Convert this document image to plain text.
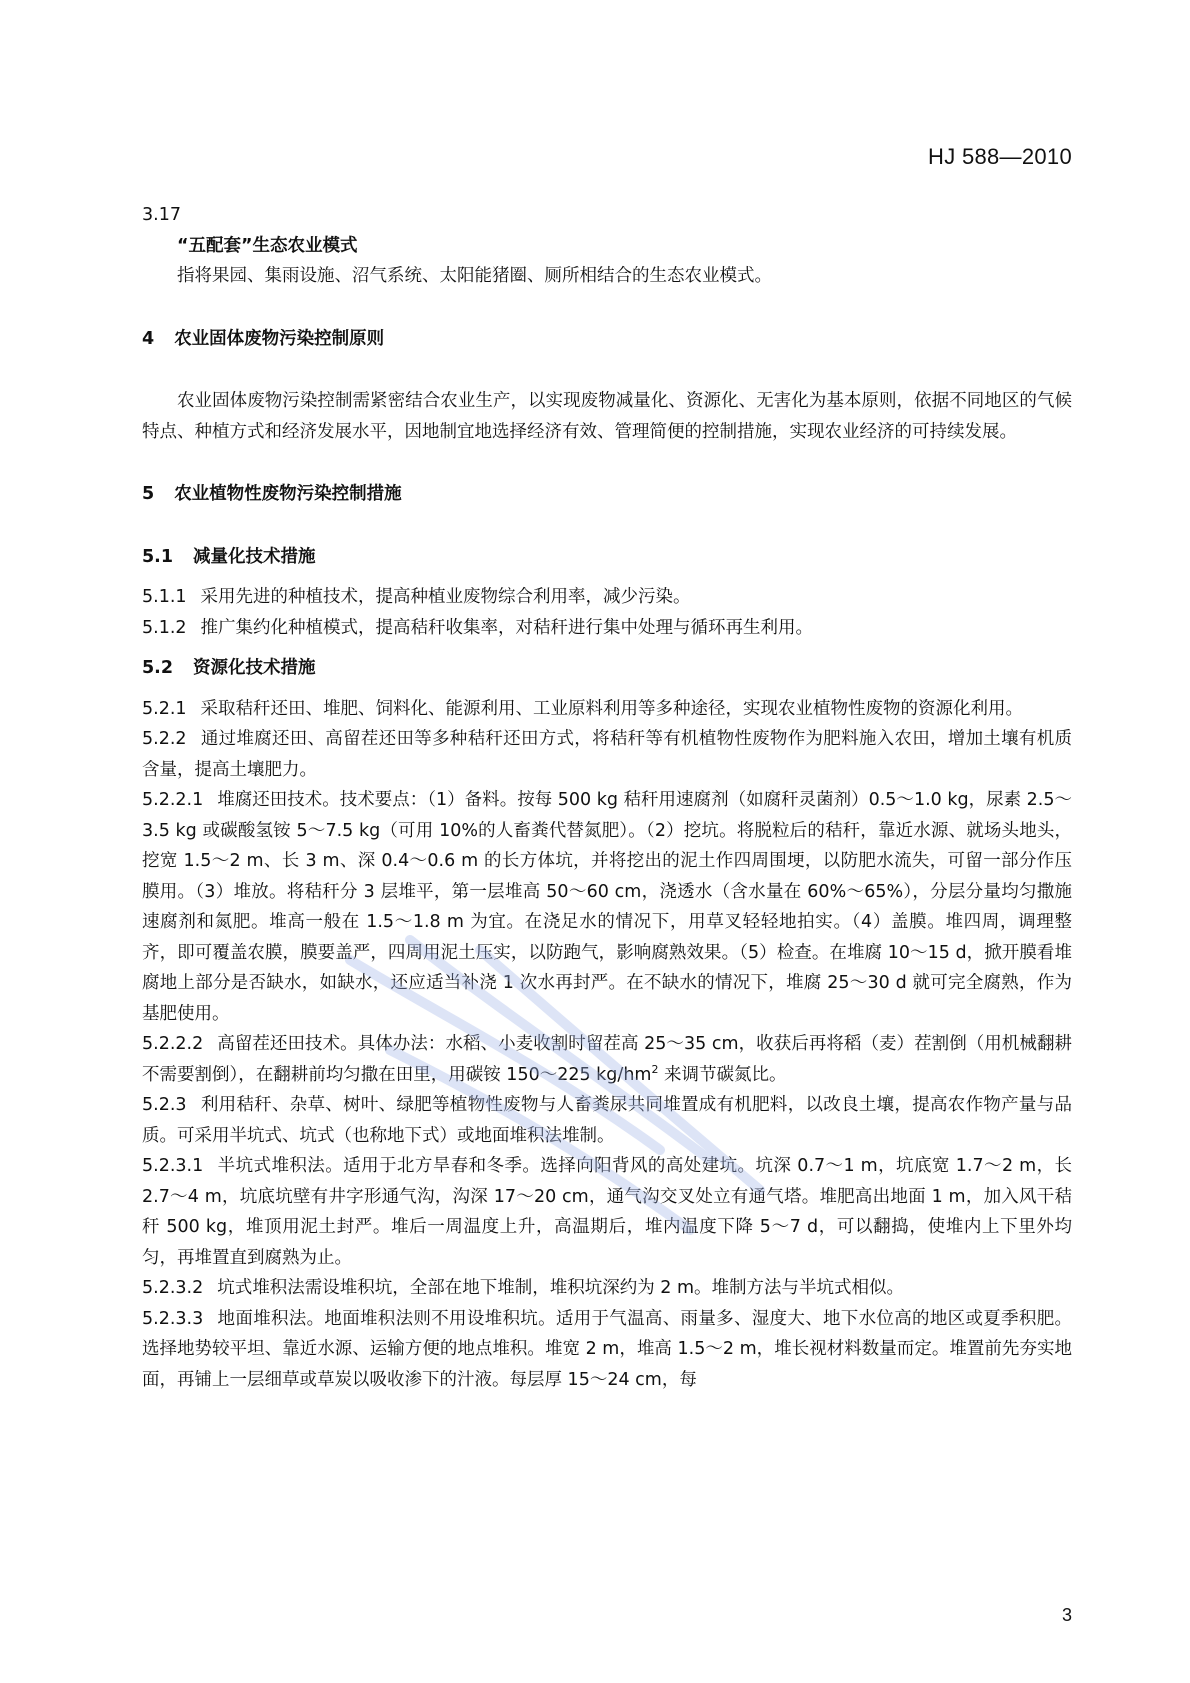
HJ 588—2010

3.17

“五配套”生态农业模式

指将果园、集雨设施、沼气系统、太阳能猪圈、厕所相结合的生态农业模式。

4 农业固体废物污染控制原则

农业固体废物污染控制需紧密结合农业生产，以实现废物减量化、资源化、无害化为基本原则，依据不同地区的气候特点、种植方式和经济发展水平，因地制宜地选择经济有效、管理简便的控制措施，实现农业经济的可持续发展。

5 农业植物性废物污染控制措施

5.1 减量化技术措施

5.1.1 采用先进的种植技术，提高种植业废物综合利用率，减少污染。

5.1.2 推广集约化种植模式，提高秸秆收集率，对秸秆进行集中处理与循环再生利用。

5.2 资源化技术措施

5.2.1 采取秸秆还田、堆肥、饲料化、能源利用、工业原料利用等多种途径，实现农业植物性废物的资源化利用。

5.2.2 通过堆腐还田、高留茬还田等多种秸秆还田方式，将秸秆等有机植物性废物作为肥料施入农田，增加土壤有机质含量，提高土壤肥力。

5.2.2.1 堆腐还田技术。技术要点：（1）备料。按每 500 kg 秸秆用速腐剂（如腐秆灵菌剂）0.5～1.0 kg，尿素 2.5～3.5 kg 或碳酸氢铵 5～7.5 kg（可用 10%的人畜粪代替氮肥）。（2）挖坑。将脱粒后的秸秆，靠近水源、就场头地头，挖宽 1.5～2 m、长 3 m、深 0.4～0.6 m 的长方体坑，并将挖出的泥土作四周围埂，以防肥水流失，可留一部分作压膜用。（3）堆放。将秸秆分 3 层堆平，第一层堆高 50～60 cm，浇透水（含水量在 60%～65%），分层分量均匀撒施速腐剂和氮肥。堆高一般在 1.5～1.8 m 为宜。在浇足水的情况下，用草叉轻轻地拍实。（4）盖膜。堆四周，调理整齐，即可覆盖农膜，膜要盖严，四周用泥土压实，以防跑气，影响腐熟效果。（5）检查。在堆腐 10～15 d，掀开膜看堆腐地上部分是否缺水，如缺水，还应适当补浇 1 次水再封严。在不缺水的情况下，堆腐 25～30 d 就可完全腐熟，作为基肥使用。

5.2.2.2 高留茬还田技术。具体办法：水稻、小麦收割时留茬高 25～35 cm，收获后再将稻（麦）茬割倒（用机械翻耕不需要割倒），在翻耕前均匀撒在田里，用碳铵 150～225 $kg/hm^2$ 来调节碳氮比。

5.2.3 利用秸秆、杂草、树叶、绿肥等植物性废物与人畜粪尿共同堆置成有机肥料，以改良土壤，提高农作物产量与品质。可采用半坑式、坑式（也称地下式）或地面堆积法堆制。

5.2.3.1 半坑式堆积法。适用于北方旱春和冬季。选择向阳背风的高处建坑。坑深 0.7～1 m，坑底宽 1.7～2 m，长 2.7～4 m，坑底坑壁有井字形通气沟，沟深 17～20 cm，通气沟交叉处立有通气塔。堆肥高出地面 1 m，加入风干秸秆 500 kg，堆顶用泥土封严。堆后一周温度上升，高温期后，堆内温度下降 5～7 d，可以翻捣，使堆内上下里外均匀，再堆置直到腐熟为止。

5.2.3.2 坑式堆积法需设堆积坑，全部在地下堆制，堆积坑深约为 2 m。堆制方法与半坑式相似。

5.2.3.3 地面堆积法。地面堆积法则不用设堆积坑。适用于气温高、雨量多、湿度大、地下水位高的地区或夏季积肥。选择地势较平坦、靠近水源、运输方便的地点堆积。堆宽 2 m，堆高 1.5～2 m，堆长视材料数量而定。堆置前先夯实地面，再铺上一层细草或草炭以吸收渗下的汁液。每层厚 15～24 cm，每

3
